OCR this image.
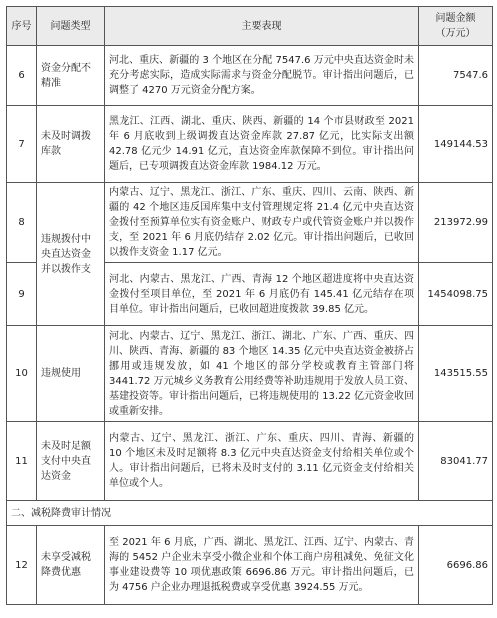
序号	问题类型	主要表现	问题金额
（万元）

6	资金分配不精准	河北、重庆、新疆的 3 个地区在分配 7547.6 万元中央直达资金时未充分考虑实际，造成实际需求与资金分配脱节。审计指出问题后，已调整了 4270 万元资金分配方案。	7547.6
7	未及时调拨库款	黑龙江、江西、湖北、重庆、陕西、新疆的 14 个市县财政至 2021 年 6 月底收到上级调拨直达资金库款 27.87 亿元，比实际支出额 42.78 亿元少 14.91 亿元，直达资金库款保障不到位。审计指出问题后，已专项调拨直达资金库款 1984.12 万元。	149144.53
8	违规拨付中央直达资金并以拨作支	内蒙古、辽宁、黑龙江、浙江、广东、重庆、四川、云南、陕西、新疆的 42 个地区违反国库集中支付管理规定将 21.4 亿元中央直达资金拨付至预算单位实有资金账户、财政专户或代管资金账户并以拨作支，至 2021 年 6 月底仍结存 2.02 亿元。审计指出问题后，已收回以拨作支资金 1.17 亿元。	213972.99
9		河北、内蒙古、黑龙江、广西、青海 12 个地区超进度将中央直达资金拨付至项目单位，至 2021 年 6 月底仍有 145.41 亿元结存在项目单位。审计指出问题后，已收回超进度拨款 39.85 亿元。	1454098.75
10	违规使用	河北、内蒙古、辽宁、黑龙江、浙江、湖北、广东、广西、重庆、四川、陕西、青海、新疆的 83 个地区 14.35 亿元中央直达资金被挤占挪用或违规发放，如 41 个地区的部分学校或教育主管部门将 3441.72 万元城乡义务教育公用经费等补助违规用于发放人员工资、基建投资等。审计指出问题后，已将违规使用的 13.22 亿元资金收回或重新安排。	143515.55
11	未及时足额支付中央直达资金	内蒙古、辽宁、黑龙江、浙江、广东、重庆、四川、青海、新疆的 10 个地区未及时足额将 8.3 亿元中央直达资金支付给相关单位或个人。审计指出问题后，已将未及时支付的 3.11 亿元资金支付给相关单位或个人。	83041.77
二、减税降费审计情况			
12	未享受减税降费优惠	至 2021 年 6 月底，广西、湖北、黑龙江、江西、辽宁、内蒙古、青海的 5452 户企业未享受小微企业和个体工商户房租减免、免征文化事业建设费等 10 项优惠政策 6696.86 万元。审计指出问题后，已为 4756 户企业办理退抵税费或享受优惠 3924.55 万元。	6696.86
